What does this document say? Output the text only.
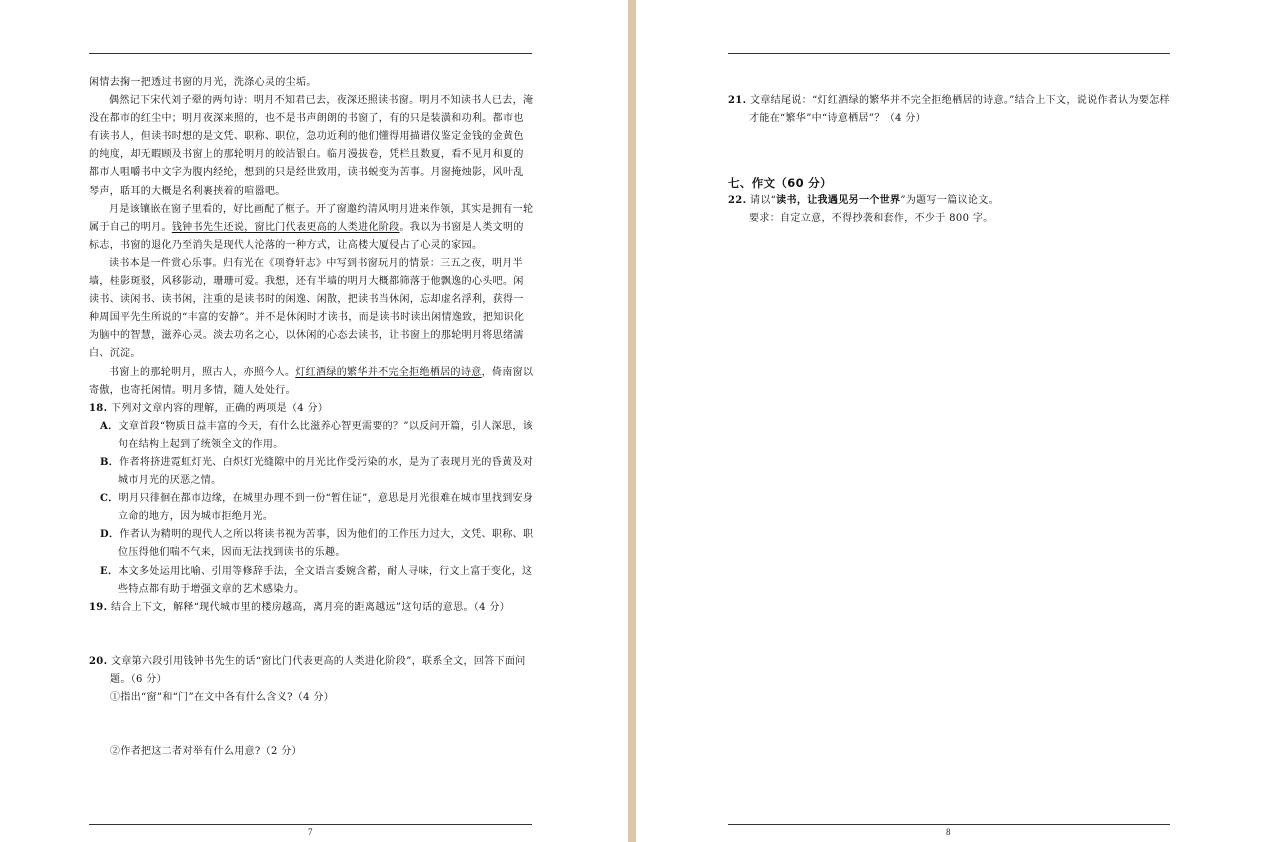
闲情去掬一把透过书窗的月光，洗涤心灵的尘垢。

偶然记下宋代刘子翚的两句诗：明月不知君已去，夜深还照读书窗。明月不知读书人已去，淹没在都市的红尘中；明月夜深来照的，也不是书声朗朗的书窗了，有的只是装潢和功利。都市也有读书人，但读书时想的是文凭、职称、职位，急功近利的他们懂得用描谱仪鉴定金钱的金黄色的纯度，却无暇顾及书窗上的那轮明月的皎洁银白。临月漫拔卷，凭栏且数夏，看不见月和夏的都市人咀嚼书中文字为腹内经纶，想到的只是经世致用，读书蜕变为苦事。月窗掩烛影，风叶乱琴声，聒耳的大概是名利裹挟着的喧嚣吧。

月是该镶嵌在窗子里看的，好比画配了框子。开了窗邀约清风明月进来作领，其实是拥有一轮属于自己的明月。钱钟书先生还说，窗比门代表更高的人类进化阶段。我以为书窗是人类文明的标志，书窗的退化乃至消失是现代人沦落的一种方式，让高楼大厦侵占了心灵的家园。

读书本是一件赏心乐事。归有光在《项脊轩志》中写到书窗玩月的情景：三五之夜，明月半墙，桂影斑驳，风移影动，珊珊可爱。我想，还有半墙的明月大概都筛落于他飘逸的心头吧。闲读书、读闲书、读书闲，注重的是读书时的闲逸、闲散，把读书当休闲，忘却虚名浮利，获得一种周国平先生所说的“丰富的安静”。并不是休闲时才读书，而是读书时读出闲情逸致，把知识化为脑中的智慧，滋养心灵。淡去功名之心，以休闲的心态去读书，让书窗上的那轮明月将思绪濡白、沉淀。

书窗上的那轮明月，照古人，亦照今人。灯红酒绿的繁华并不完全拒绝栖居的诗意，倚南窗以寄傲，也寄托闲情。明月多情，随人处处行。

18. 下列对文章内容的理解，正确的两项是（4 分）

A．文章首段“物质日益丰富的今天，有什么比滋养心智更需要的？”以反问开篇，引人深思，该句在结构上起到了统领全文的作用。

B．作者将挤进霓虹灯光、白炽灯光缝隙中的月光比作受污染的水，是为了表现月光的昏黄及对城市月光的厌恶之情。

C．明月只徘徊在都市边缘，在城里办理不到一份“暂住证”，意思是月光很难在城市里找到安身立命的地方，因为城市拒绝月光。

D．作者认为精明的现代人之所以将读书视为苦事，因为他们的工作压力过大，文凭、职称、职位压得他们喘不气来，因而无法找到读书的乐趣。

E．本文多处运用比喻、引用等修辞手法，全文语言委婉含蓄，耐人寻味，行文上富于变化，这些特点都有助于增强文章的艺术感染力。

19. 结合上下文，解释“现代城市里的楼房越高，离月亮的距离越远”这句话的意思。（4 分）

20. 文章第六段引用钱钟书先生的话“窗比门代表更高的人类进化阶段”，联系全文，回答下面问题。（6 分）

①指出“窗”和“门”在文中各有什么含义?（4 分）

②作者把这二者对举有什么用意?（2 分）

7

21. 文章结尾说：“灯红酒绿的繁华并不完全拒绝栖居的诗意。”结合上下文，说说作者认为要怎样才能在“繁华”中“诗意栖居”？（4 分）

七、作文（60 分）

22. 请以“读书，让我遇见另一个世界”为题写一篇议论文。

要求：自定立意，不得抄袭和套作，不少于 800 字。

8
